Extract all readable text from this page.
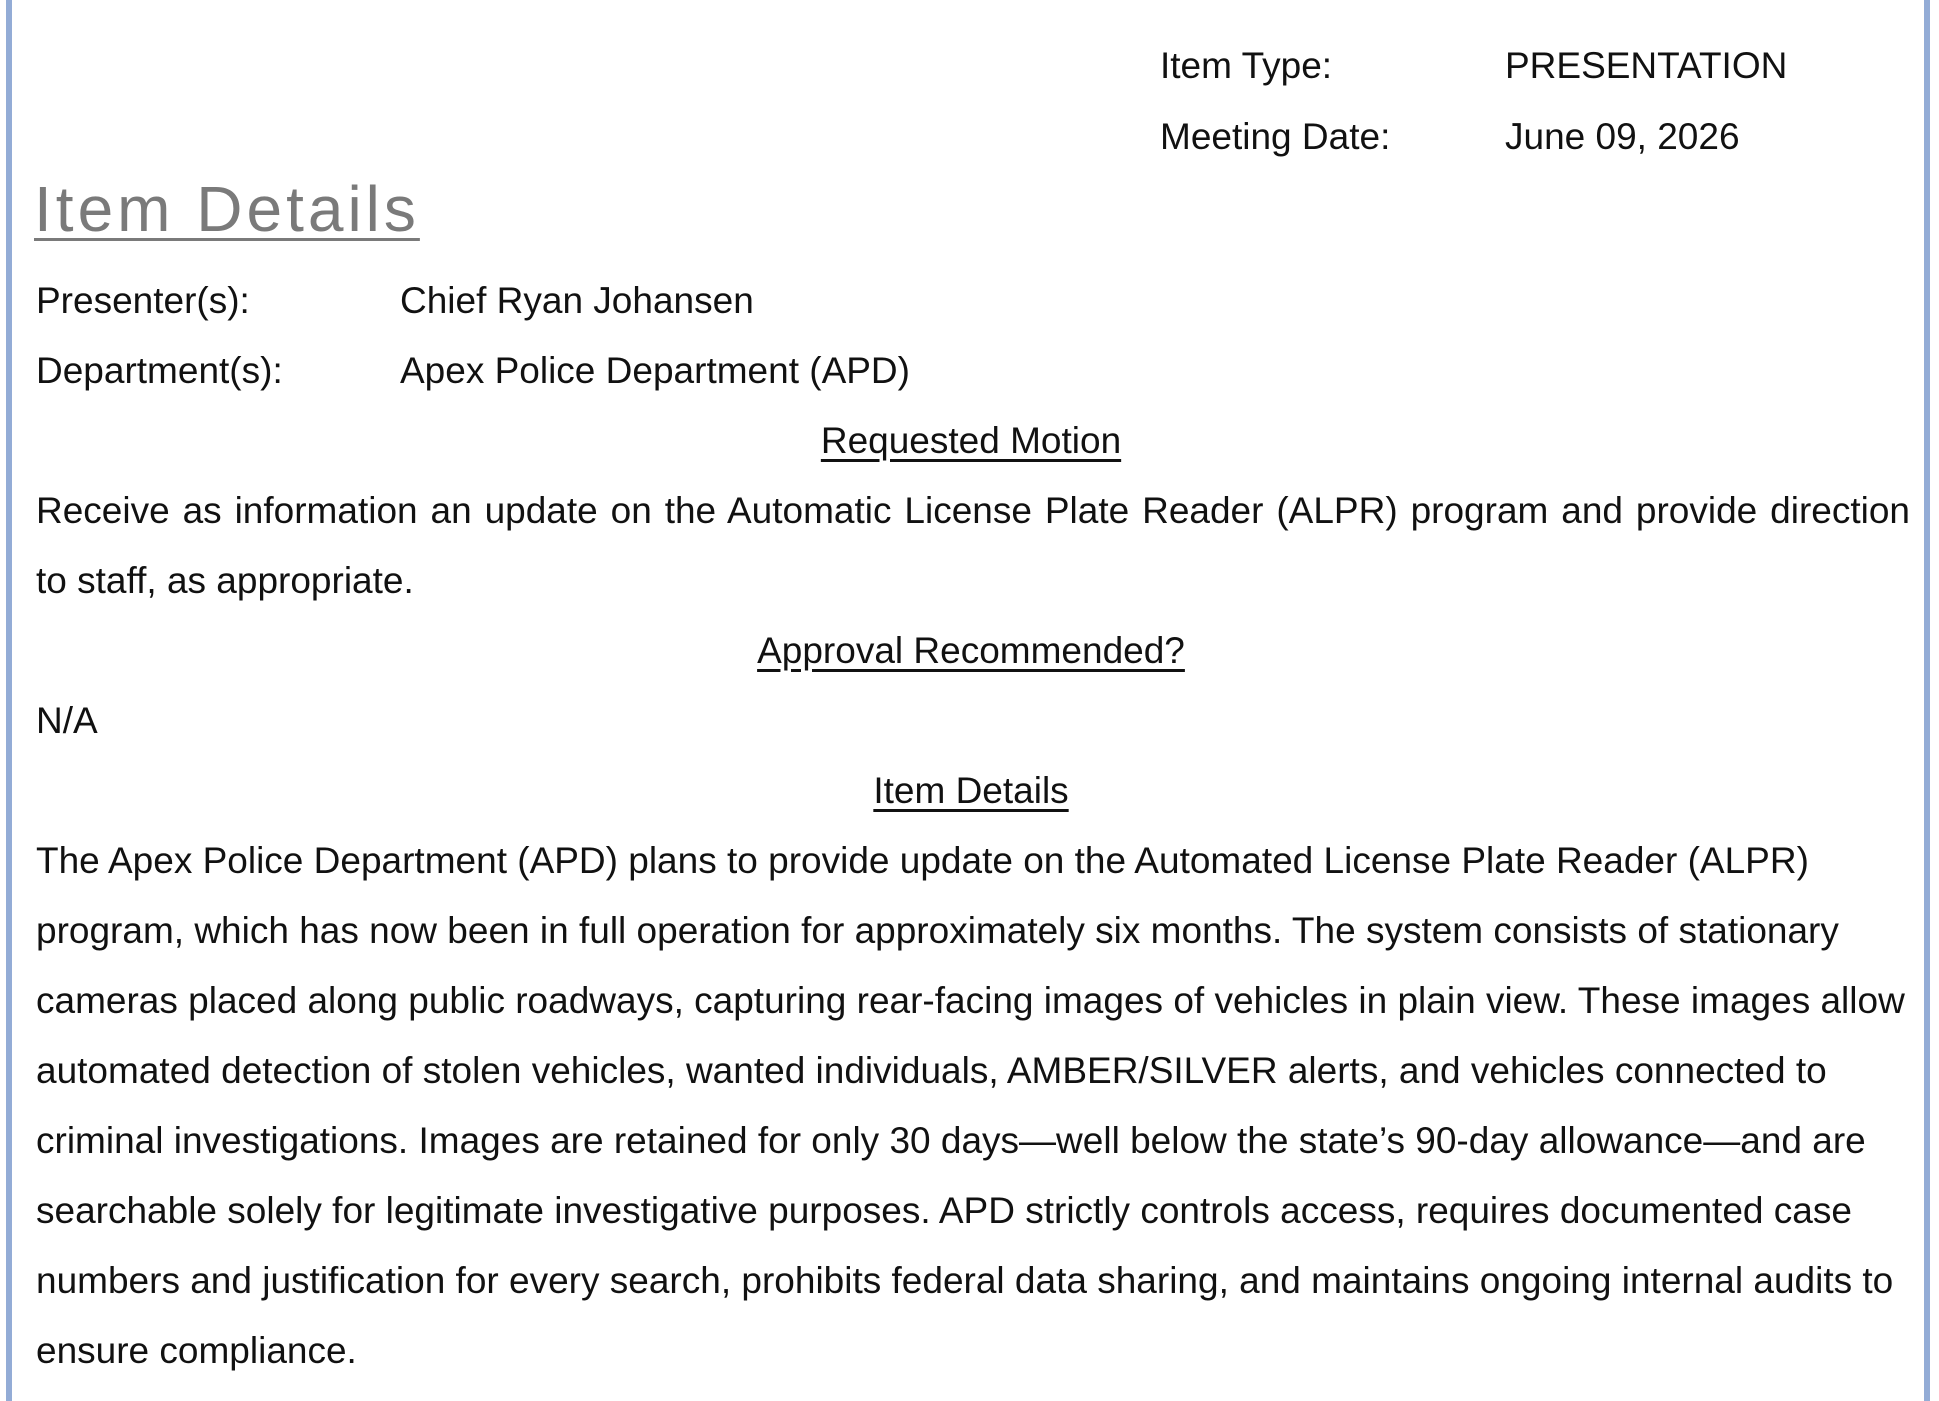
Item Type:	PRESENTATION
Meeting Date:	June 09, 2026
Item Details
Presenter(s):	Chief Ryan Johansen
Department(s):	Apex Police Department (APD)
Requested Motion

Receive as information an update on the Automatic License Plate Reader (ALPR) program and provide direction to staff, as appropriate.

Approval Recommended?

N/A

Item Details

The Apex Police Department (APD) plans to provide update on the Automated License Plate Reader (ALPR) program, which has now been in full operation for approximately six months. The system consists of stationary cameras placed along public roadways, capturing rear-facing images of vehicles in plain view. These images allow automated detection of stolen vehicles, wanted individuals, AMBER/SILVER alerts, and vehicles connected to criminal investigations. Images are retained for only 30 days—well below the state’s 90-day allowance—and are searchable solely for legitimate investigative purposes. APD strictly controls access, requires documented case numbers and justification for every search, prohibits federal data sharing, and maintains ongoing internal audits to ensure compliance.
